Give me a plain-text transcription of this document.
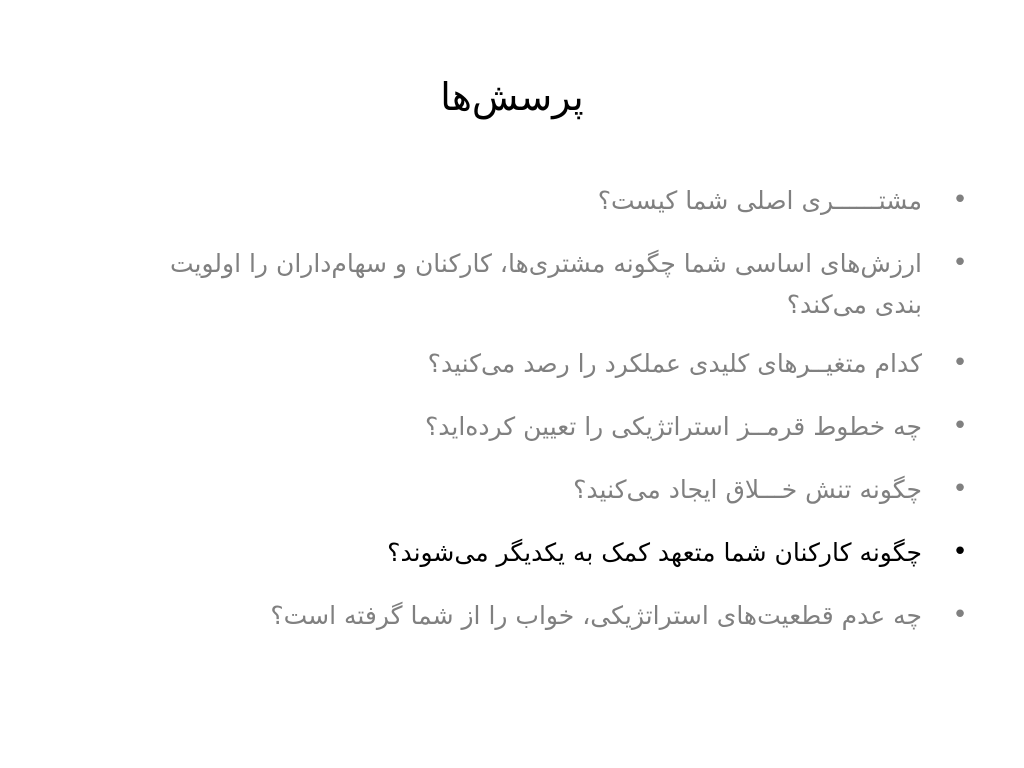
پرسش‌ها
•
مشتــــــری اصلی شما کیست؟
•
ارزش‌های اساسی شما چگونه مشتری‌ها، کارکنان و سهام‌داران را اولویت بندی می‌کند؟
•
کدام متغیــرهای کلیدی عملکرد را رصد می‌کنید؟
•
چه خطوط قرمــز استراتژیکی را تعیین کرده‌اید؟
•
چگونه تنش خـــلاق ایجاد می‌کنید؟
•
چگونه کارکنان شما متعهد کمک به یکدیگر می‌شوند؟
•
چه عدم قطعیت‌های استراتژیکی، خواب را از شما گرفته است؟
